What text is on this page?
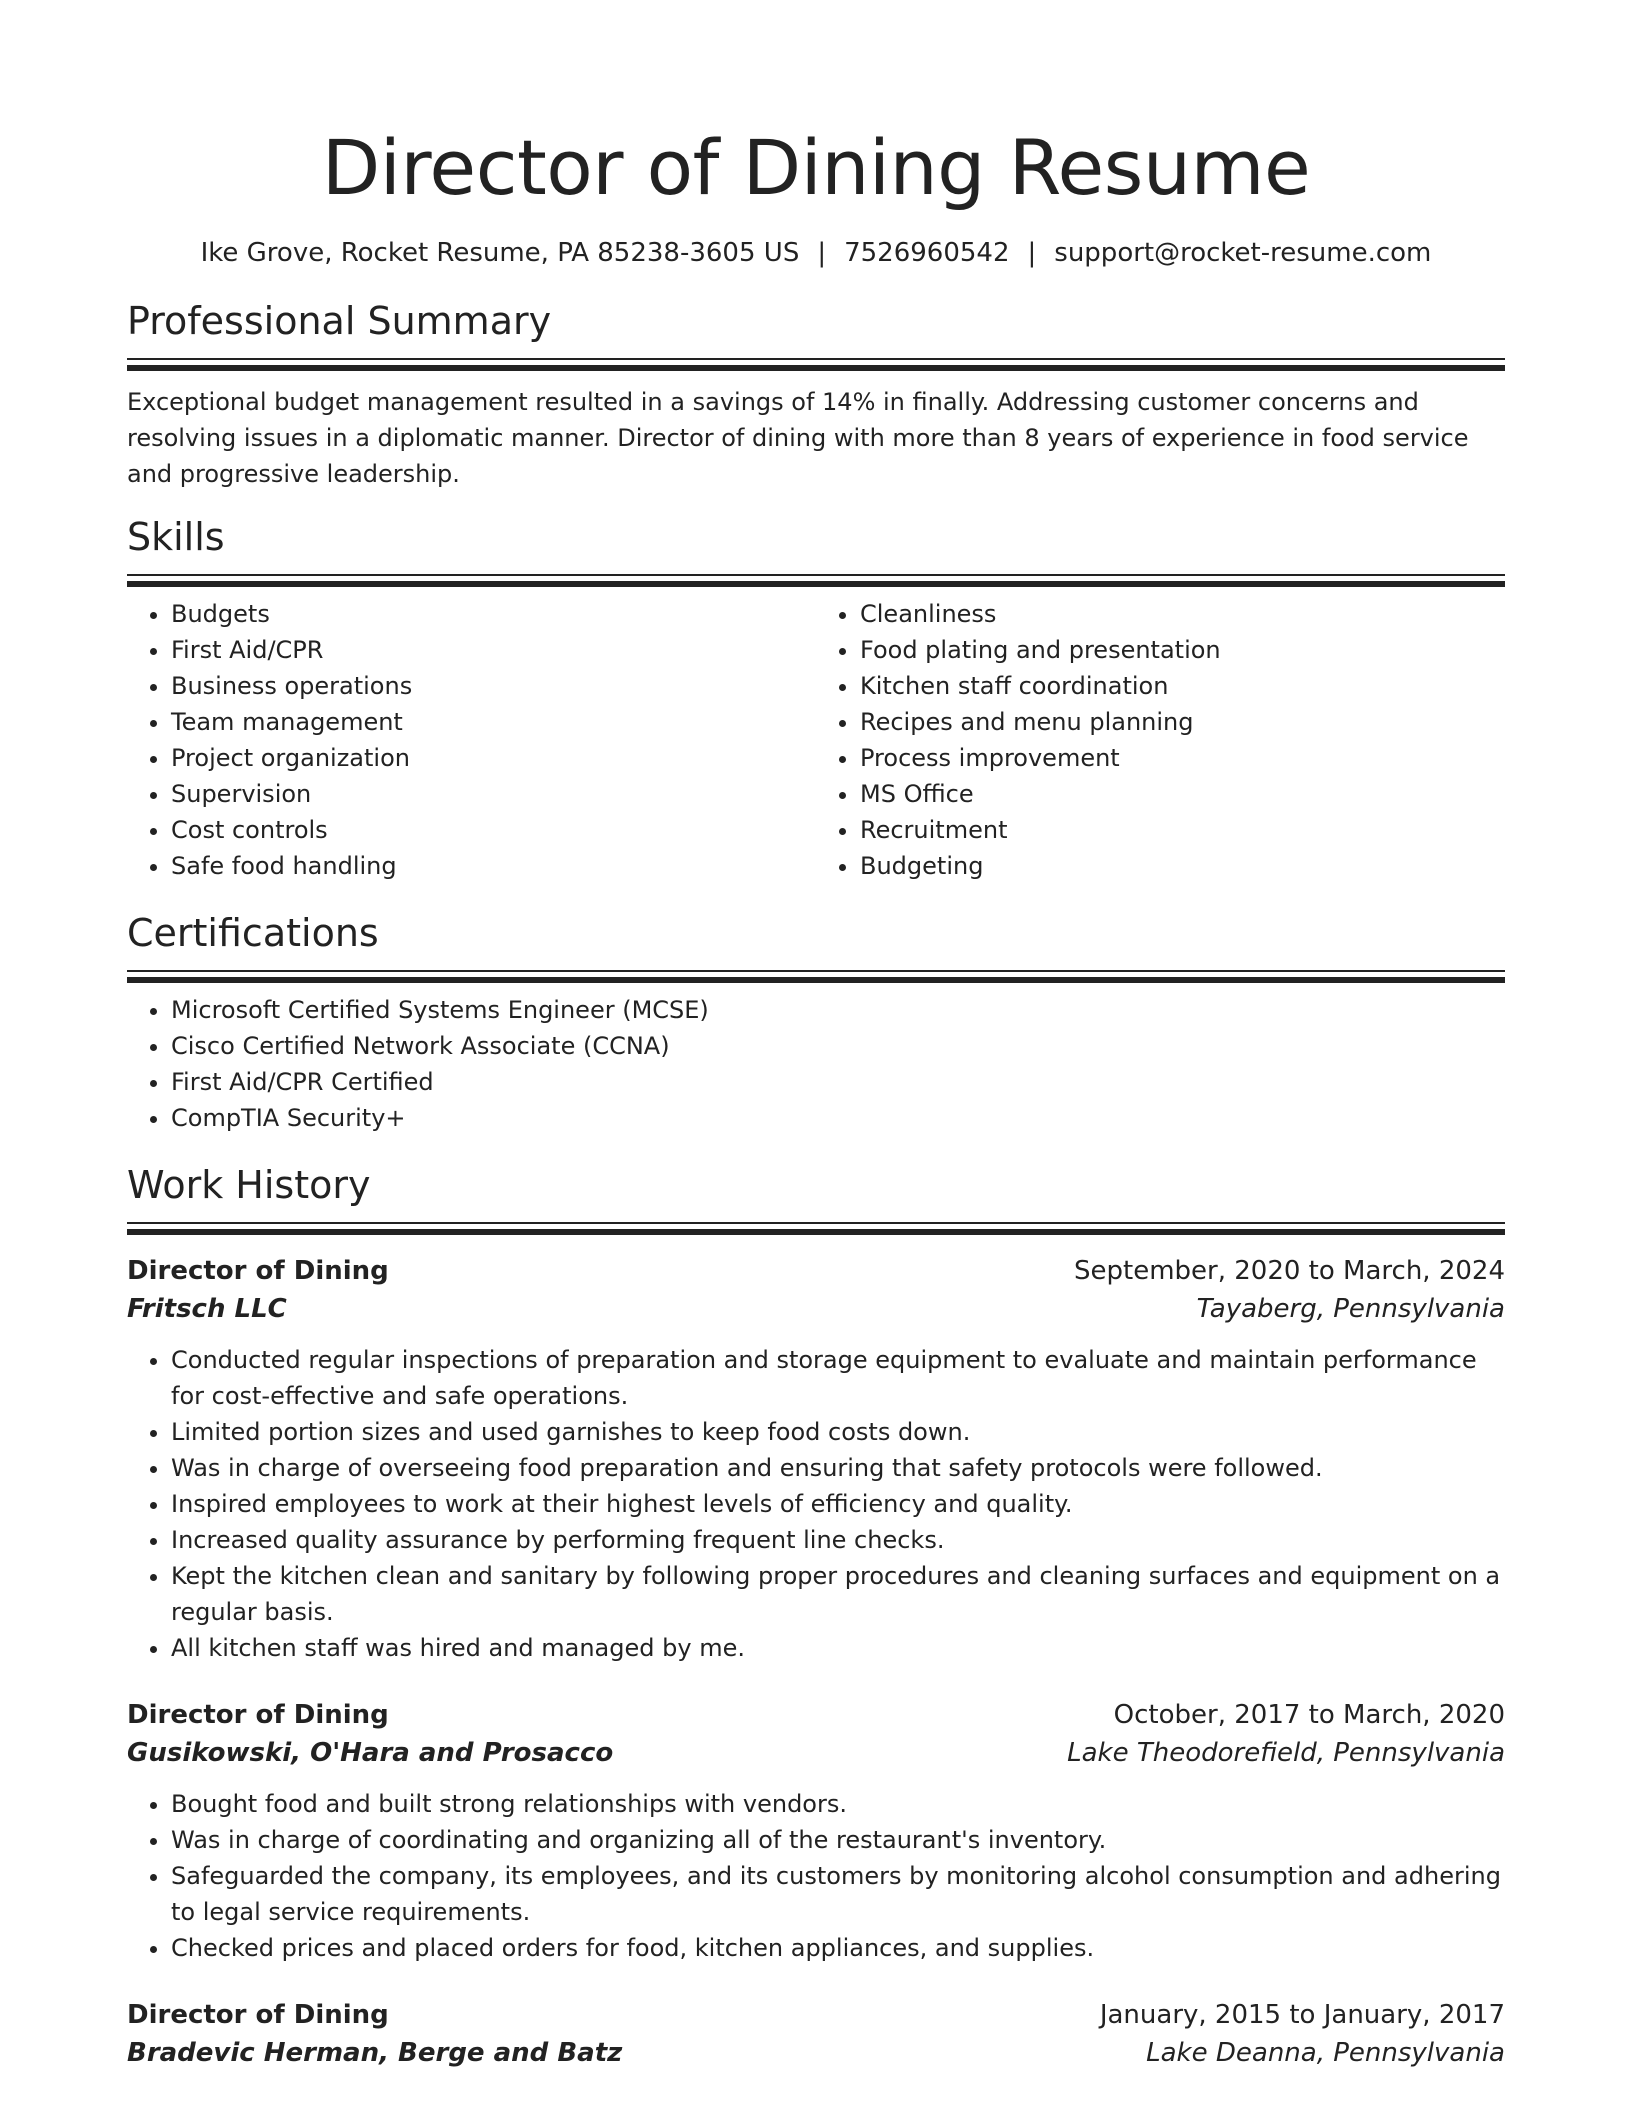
Director of Dining Resume
Ike Grove, Rocket Resume, PA 85238-3605 US | 7526960542 | support@rocket-resume.com
Professional Summary

Exceptional budget management resulted in a savings of 14% in finally. Addressing customer concerns and resolving issues in a diplomatic manner. Director of dining with more than 8 years of experience in food service and progressive leadership.

Skills
• Budgets
• First Aid/CPR
• Business operations
• Team management
• Project organization
• Supervision
• Cost controls
• Safe food handling
• Cleanliness
• Food plating and presentation
• Kitchen staff coordination
• Recipes and menu planning
• Process improvement
• MS Office
• Recruitment
• Budgeting
Certifications
• Microsoft Certified Systems Engineer (MCSE)
• Cisco Certified Network Associate (CCNA)
• First Aid/CPR Certified
• CompTIA Security+
Work History
Director of Dining	September, 2020 to March, 2024
Fritsch LLC	Tayaberg, Pennsylvania
• Conducted regular inspections of preparation and storage equipment to evaluate and maintain performance for cost-effective and safe operations.
• Limited portion sizes and used garnishes to keep food costs down.
• Was in charge of overseeing food preparation and ensuring that safety protocols were followed.
• Inspired employees to work at their highest levels of efficiency and quality.
• Increased quality assurance by performing frequent line checks.
• Kept the kitchen clean and sanitary by following proper procedures and cleaning surfaces and equipment on a regular basis.
• All kitchen staff was hired and managed by me.
Director of Dining	October, 2017 to March, 2020
Gusikowski, O'Hara and Prosacco	Lake Theodorefield, Pennsylvania
• Bought food and built strong relationships with vendors.
• Was in charge of coordinating and organizing all of the restaurant's inventory.
• Safeguarded the company, its employees, and its customers by monitoring alcohol consumption and adhering to legal service requirements.
• Checked prices and placed orders for food, kitchen appliances, and supplies.
Director of Dining	January, 2015 to January, 2017
Bradevic Herman, Berge and Batz	Lake Deanna, Pennsylvania
